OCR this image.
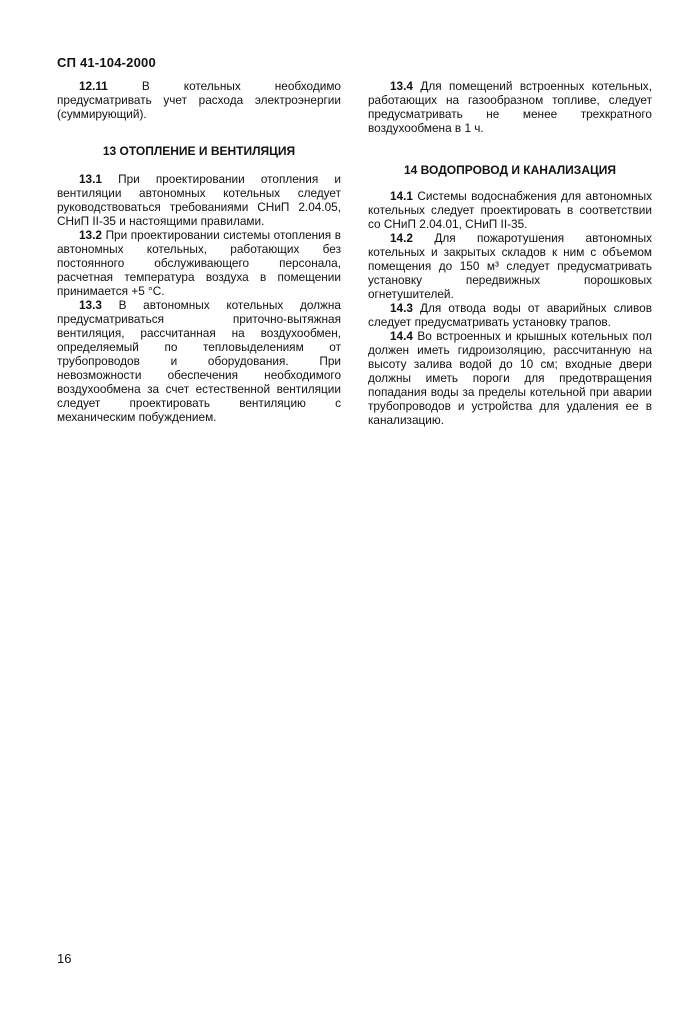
СП 41-104-2000

12.11 В котельных необходимо предусматривать учет расхода электроэнергии (суммирующий).

13 ОТОПЛЕНИЕ И ВЕНТИЛЯЦИЯ

13.1 При проектировании отопления и вентиляции автономных котельных следует руководствоваться требованиями СНиП 2.04.05, СНиП II-35 и настоящими правилами.

13.2 При проектировании системы отопления в автономных котельных, работающих без постоянного обслуживающего персонала, расчетная температура воздуха в помещении принимается +5 °С.

13.3 В автономных котельных должна предусматриваться приточно-вытяжная вентиляция, рассчитанная на воздухообмен, определяемый по тепловыделениям от трубопроводов и оборудования. При невозможности обеспечения необходимого воздухообмена за счет естественной вентиляции следует проектировать вентиляцию с механическим побуждением.

13.4 Для помещений встроенных котельных, работающих на газообразном топливе, следует предусматривать не менее трехкратного воздухообмена в 1 ч.

14 ВОДОПРОВОД И КАНАЛИЗАЦИЯ

14.1 Системы водоснабжения для автономных котельных следует проектировать в соответствии со СНиП 2.04.01, СНиП II-35.

14.2 Для пожаротушения автономных котельных и закрытых складов к ним с объемом помещения до 150 м³ следует предусматривать установку передвижных порошковых огнетушителей.

14.3 Для отвода воды от аварийных сливов следует предусматривать установку трапов.

14.4 Во встроенных и крышных котельных пол должен иметь гидроизоляцию, рассчитанную на высоту залива водой до 10 см; входные двери должны иметь пороги для предотвращения попадания воды за пределы котельной при аварии трубопроводов и устройства для удаления ее в канализацию.

16
